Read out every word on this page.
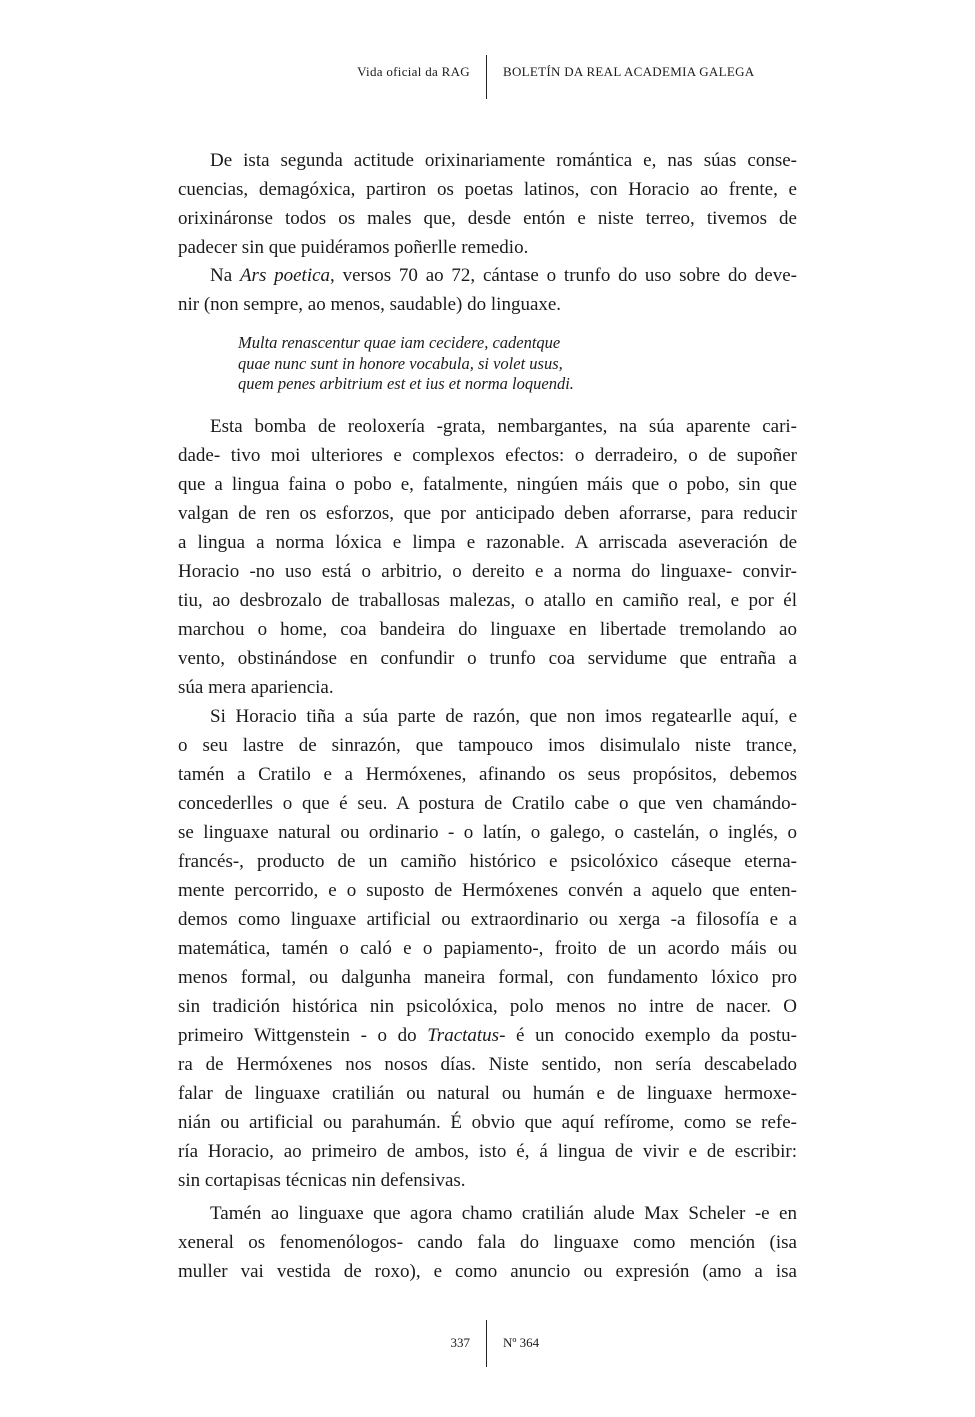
Vida oficial da RAG	BOLETÍN DA REAL ACADEMIA GALEGA
De ista segunda actitude orixinariamente romántica e, nas súas conse-
cuencias, demagóxica, partiron os poetas latinos, con Horacio ao frente, e
orixináronse todos os males que, desde entón e niste terreo, tivemos de
padecer sin que puidéramos poñerlle remedio.
Na Ars poetica, versos 70 ao 72, cántase o trunfo do uso sobre do deve-
nir (non sempre, ao menos, saudable) do linguaxe.
Multa renascentur quae iam cecidere, cadentque
quae nunc sunt in honore vocabula, si volet usus,
quem penes arbitrium est et ius et norma loquendi.
Esta bomba de reoloxería -grata, nembargantes, na súa aparente cari-
dade- tivo moi ulteriores e complexos efectos: o derradeiro, o de supoñer
que a lingua faina o pobo e, fatalmente, ningúen máis que o pobo, sin que
valgan de ren os esforzos, que por anticipado deben aforrarse, para reducir
a lingua a norma lóxica e limpa e razonable. A arriscada aseveración de
Horacio -no uso está o arbitrio, o dereito e a norma do linguaxe- convir-
tiu, ao desbrozalo de traballosas malezas, o atallo en camiño real, e por él
marchou o home, coa bandeira do linguaxe en libertade tremolando ao
vento, obstinándose en confundir o trunfo coa servidume que entraña a
súa mera apariencia.
Si Horacio tiña a súa parte de razón, que non imos regatearlle aquí, e
o seu lastre de sinrazón, que tampouco imos disimulalo niste trance,
tamén a Cratilo e a Hermóxenes, afinando os seus propósitos, debemos
concederlles o que é seu. A postura de Cratilo cabe o que ven chamándo-
se linguaxe natural ou ordinario - o latín, o galego, o castelán, o inglés, o
francés-, producto de un camiño histórico e psicolóxico cáseque eterna-
mente percorrido, e o suposto de Hermóxenes convén a aquelo que enten-
demos como linguaxe artificial ou extraordinario ou xerga -a filosofía e a
matemática, tamén o caló e o papiamento-, froito de un acordo máis ou
menos formal, ou dalgunha maneira formal, con fundamento lóxico pro
sin tradición histórica nin psicolóxica, polo menos no intre de nacer. O
primeiro Wittgenstein - o do Tractatus- é un conocido exemplo da postu-
ra de Hermóxenes nos nosos días. Niste sentido, non sería descabelado
falar de linguaxe cratilián ou natural ou humán e de linguaxe hermoxe-
nián ou artificial ou parahumán. É obvio que aquí refírome, como se refe-
ría Horacio, ao primeiro de ambos, isto é, á lingua de vivir e de escribir:
sin cortapisas técnicas nin defensivas.
Tamén ao linguaxe que agora chamo cratilián alude Max Scheler -e en
xeneral os fenomenólogos- cando fala do linguaxe como mención (isa
muller vai vestida de roxo), e como anuncio ou expresión (amo a isa
337	Nº 364
